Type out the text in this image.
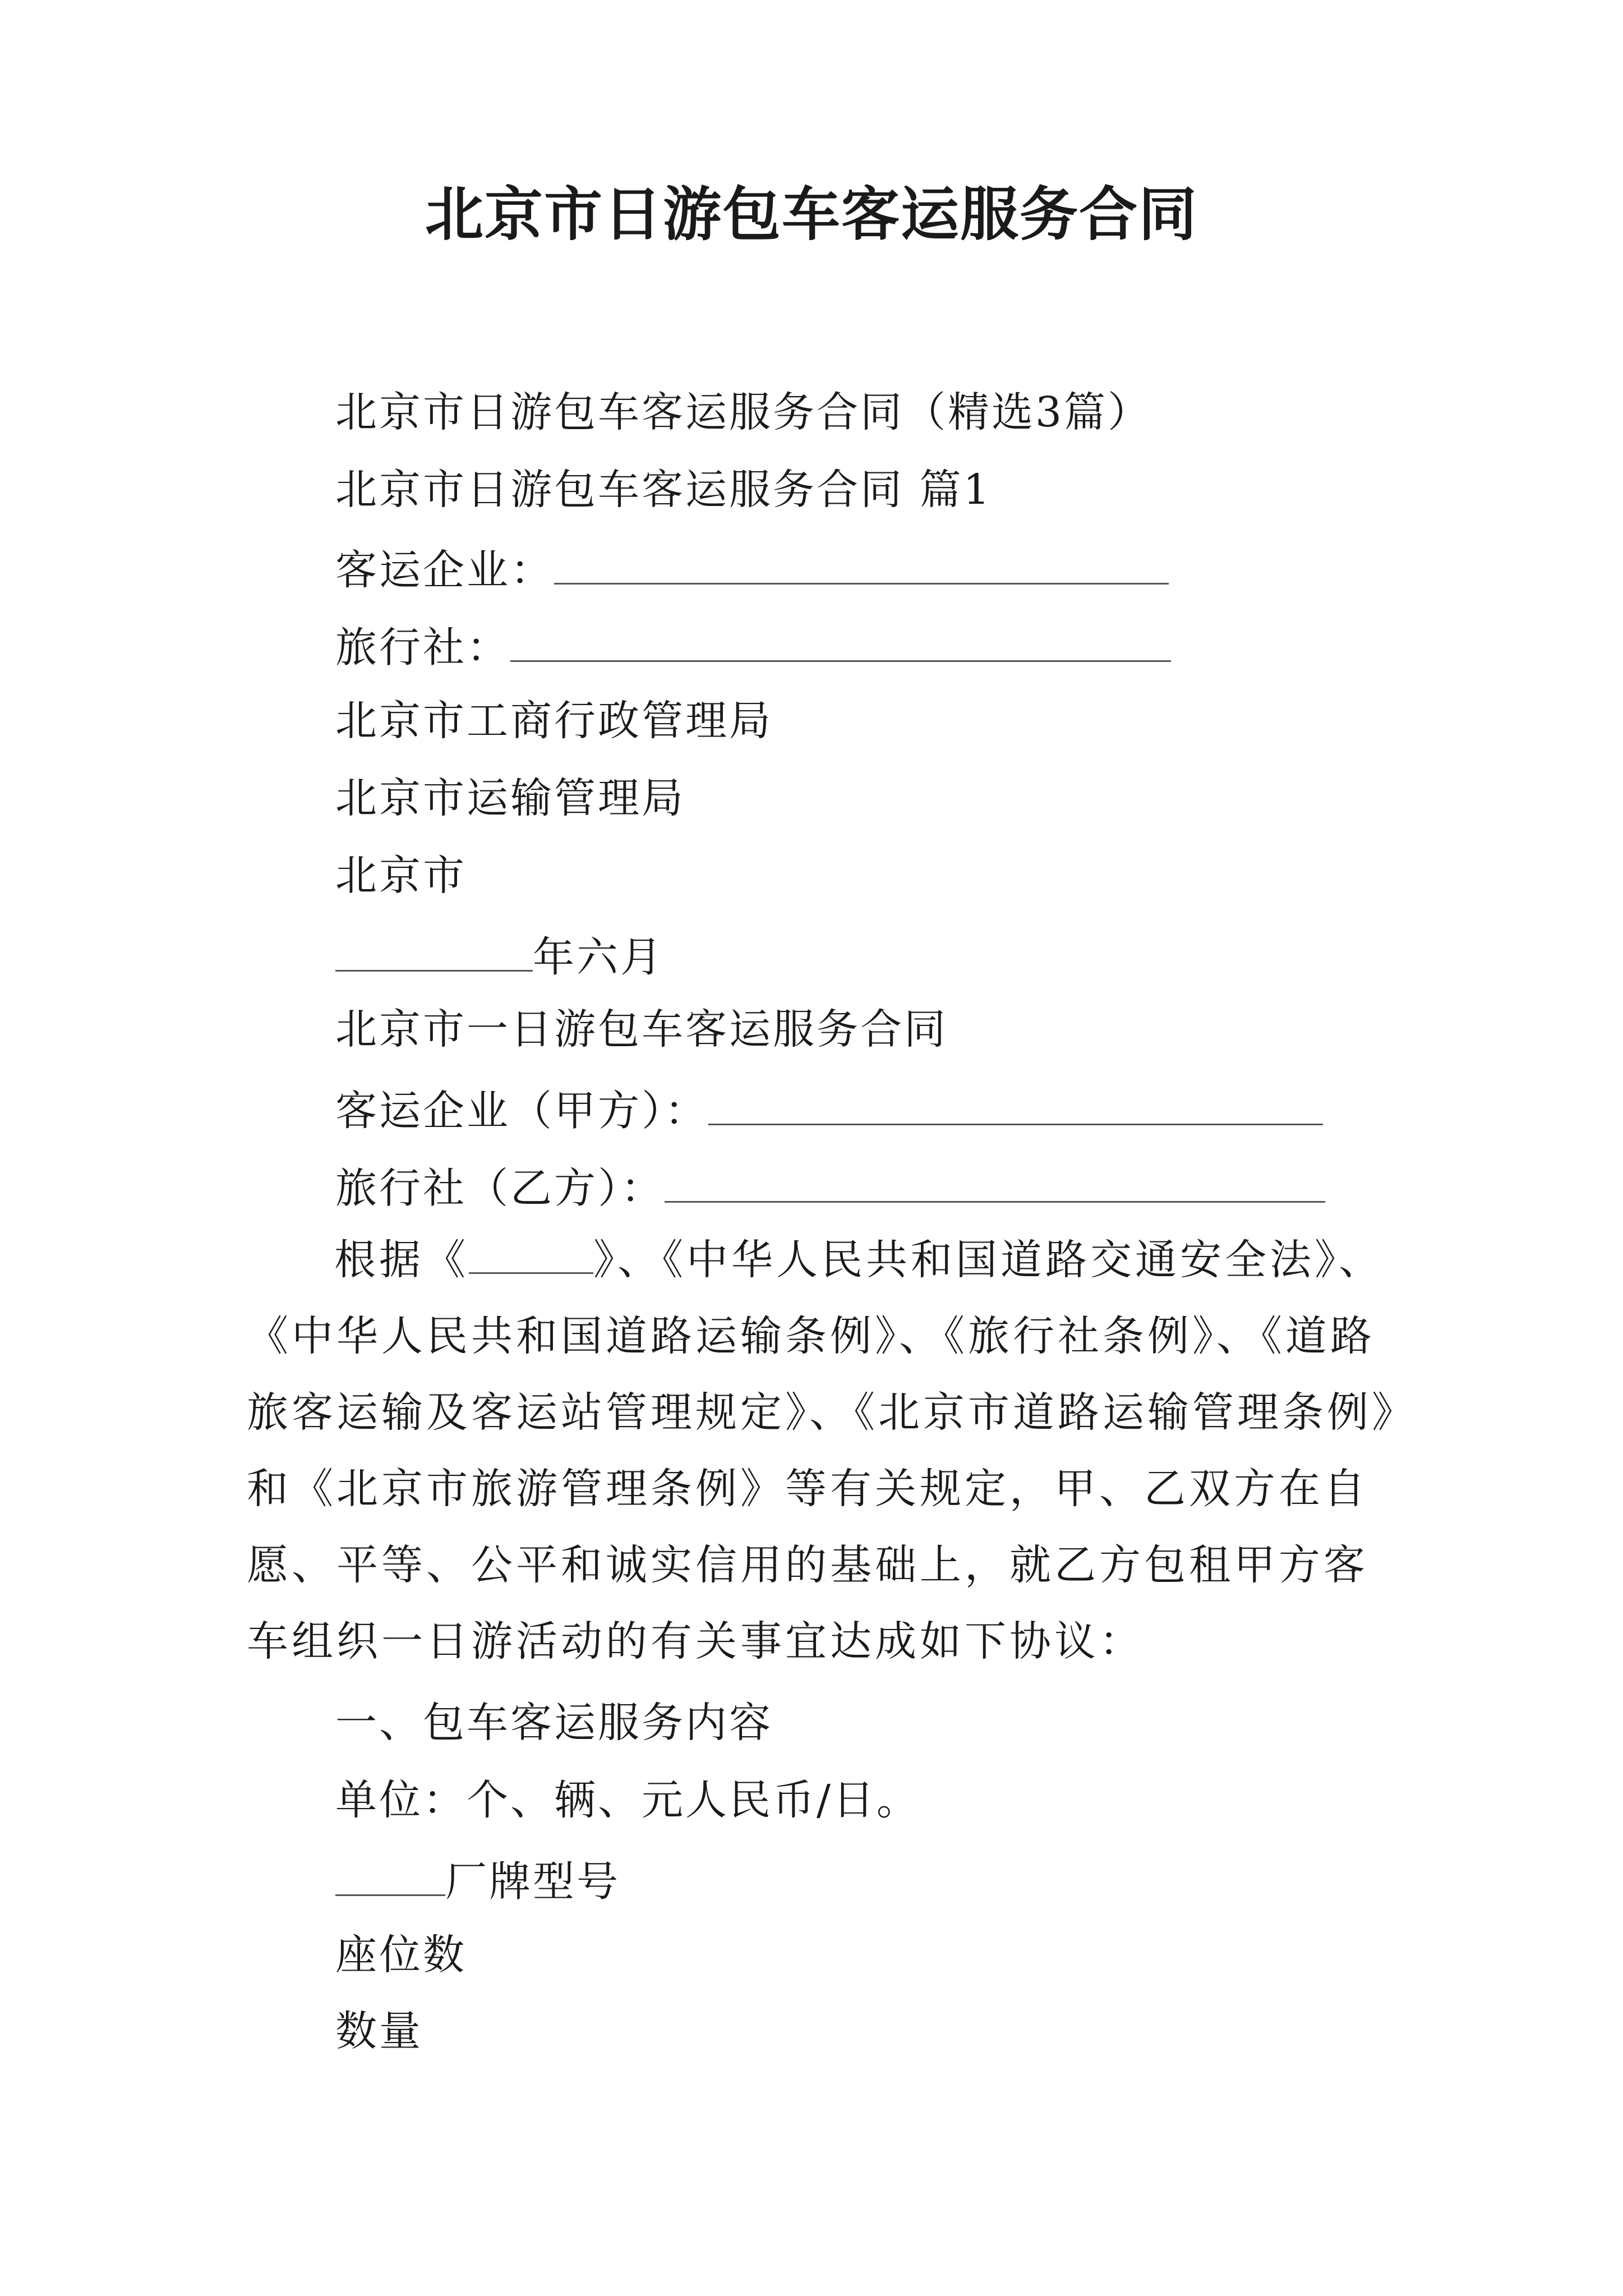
北京市日游包车客运服务合同
北京市日游包车客运服务合同（精选3篇）
北京市日游包车客运服务合同 篇1
客运企业：
旅行社：
北京市工商行政管理局
北京市运输管理局
北京市
年六月
北京市一日游包车客运服务合同
客运企业（甲方）：
旅行社（乙方）：
根据《	》、《中华人民共和国道路交通安全法》、《中华人民共和国道路运输条例》、《旅行社条例》、《道路旅客运输及客运站管理规定》、《北京市道路运输管理条例》和《北京市旅游管理条例》等有关规定，甲、乙双方在自愿、平等、公平和诚实信用的基础上，就乙方包租甲方客车组织一日游活动的有关事宜达成如下协议：
一、包车客运服务内容
单位：个、辆、元人民币/日。
厂牌型号
座位数
数量
